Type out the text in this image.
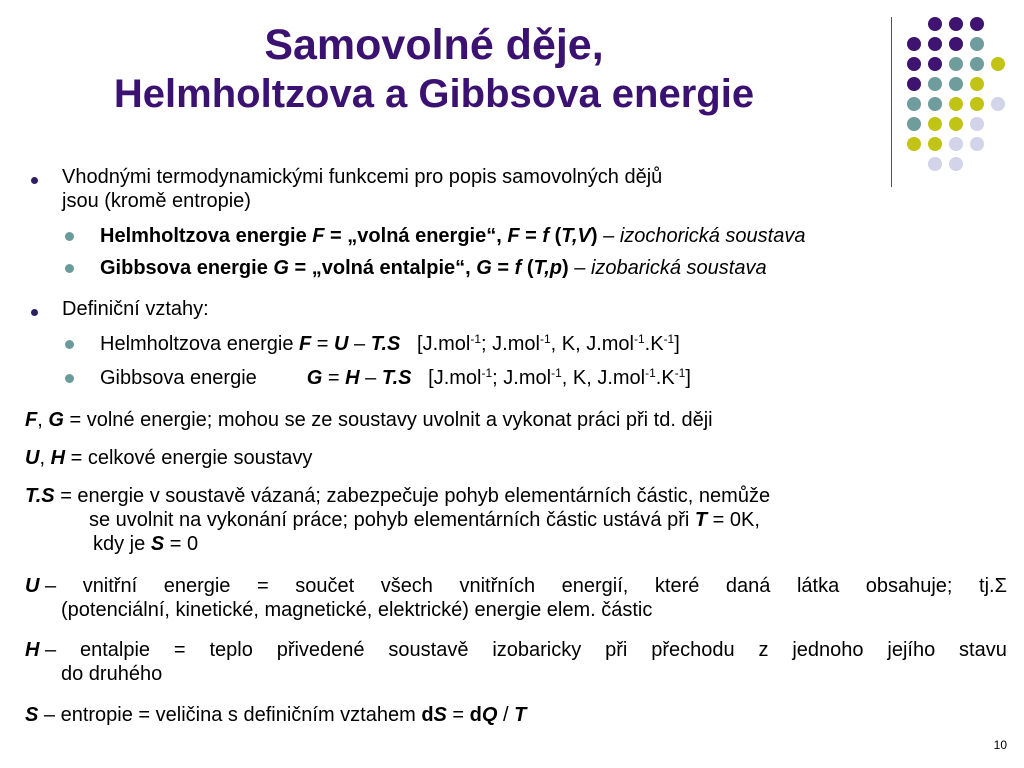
Samovolné děje,
Helmholtzova a Gibbsova energie
Vhodnými termodynamickými funkcemi pro popis samovolných dějů
jsou (kromě entropie)
Helmholtzova energie F = „volná energie“, F = f (T,V) – izochorická soustava
Gibbsova energie G = „volná entalpie“, G = f (T,p) – izobarická soustava
Definiční vztahy:
Helmholtzova energie F = U – T.S [J.mol$^{-1}$; J.mol$^{-1}$, K, $J.mol^{-1}.K^{-1}$]
Gibbsova energie	G = H – T.S [J.mol$^{-1}$; J.mol$^{-1}$, K, $J.mol^{-1}.K^{-1}$]
F, G = volné energie; mohou se ze soustavy uvolnit a vykonat práci při td. ději
U, H = celkové energie soustavy
T.S = energie v soustavě vázaná; zabezpečuje pohyb elementárních částic, nemůže
se uvolnit na vykonání práce; pohyb elementárních částic ustává při T = 0K,
kdy je S = 0
U – vnitřní energie = součet všech vnitřních energií, které daná látka obsahuje; tj.Σ
(potenciální, kinetické, magnetické, elektrické) energie elem. částic
H – entalpie = teplo přivedené soustavě izobaricky při přechodu z jednoho jejího stavu
do druhého
S – entropie = veličina s definičním vztahem dS = dQ / T
10
